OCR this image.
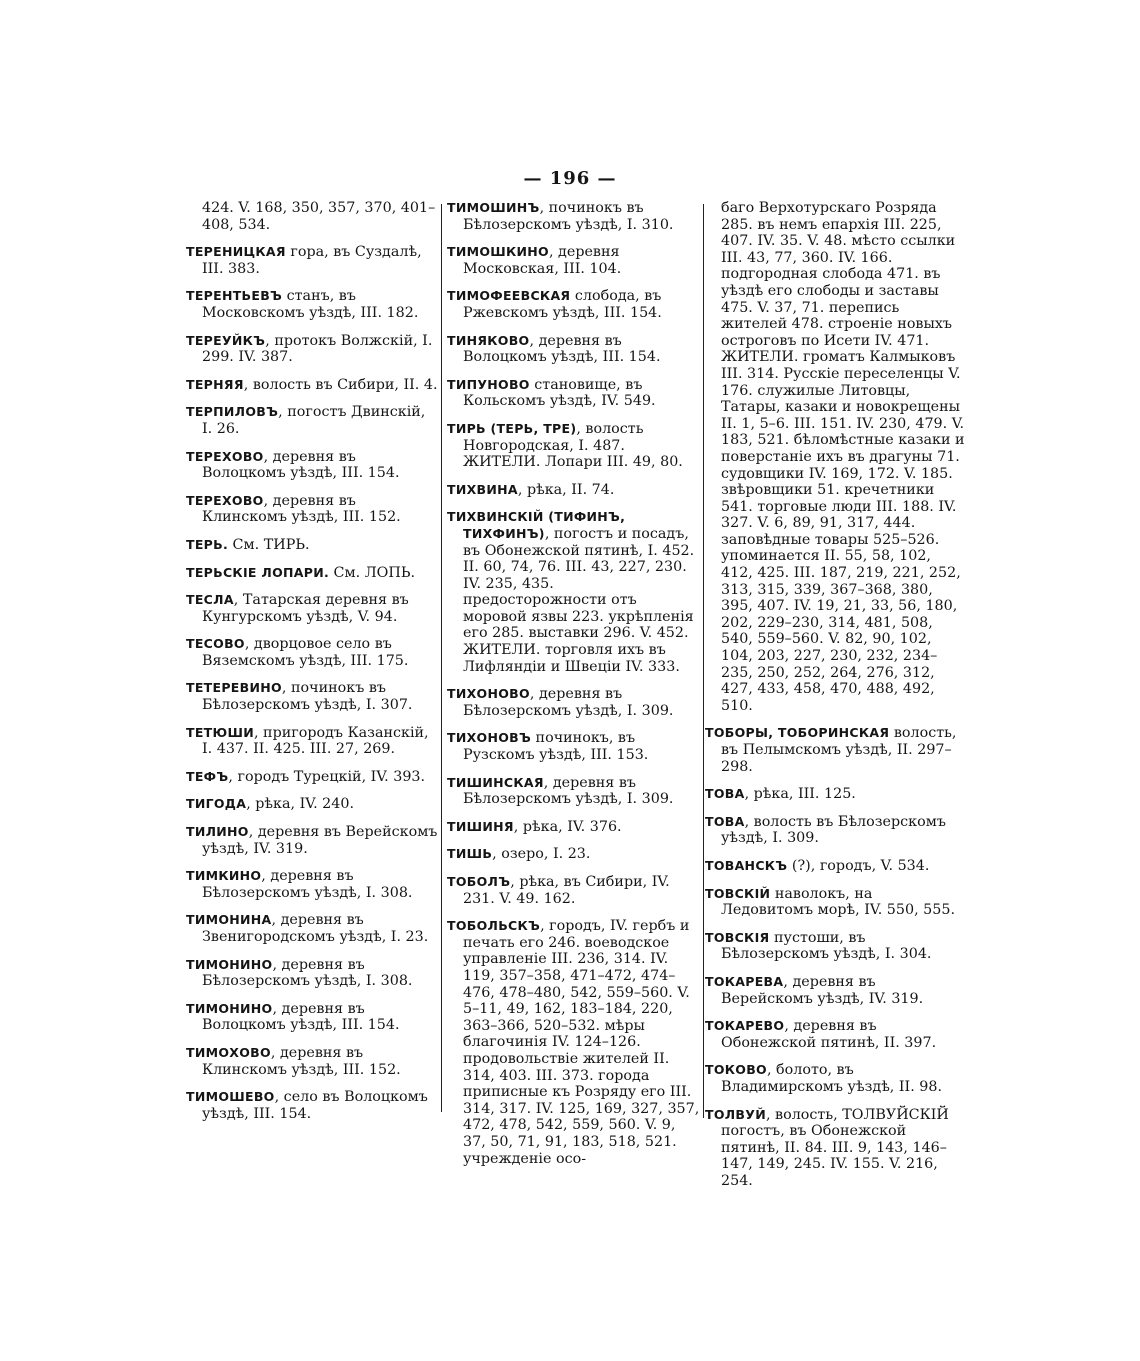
— 196 —

424. V. 168, 350, 357, 370, 401–408, 534.

ТЕРЕНИЦКАЯ гора, въ Суздалѣ, III. 383.

ТЕРЕНТЬЕВЪ станъ, въ Московскомъ уѣздѣ, III. 182.

ТЕРЕУЙКЪ, протокъ Волжскій, I. 299. IV. 387.

ТЕРНЯЯ, волость въ Сибири, II. 4.

ТЕРПИЛОВЪ, погостъ Двинскій, I. 26.

ТЕРЕХОВО, деревня въ Волоцкомъ уѣздѣ, III. 154.

ТЕРЕХОВО, деревня въ Клинскомъ уѣздѣ, III. 152.

ТЕРЬ. См. ТИРЬ.

ТЕРЬСКІЕ ЛОПАРИ. См. ЛОПЬ.

ТЕСЛА, Татарская деревня въ Кунгурскомъ уѣздѣ, V. 94.

ТЕСОВО, дворцовое село въ Вяземскомъ уѣздѣ, III. 175.

ТЕТЕРЕВИНО, починокъ въ Бѣлозерскомъ уѣздѣ, I. 307.

ТЕТЮШИ, пригородъ Казанскій, I. 437. II. 425. III. 27, 269.

ТЕФЪ, городъ Турецкій, IV. 393.

ТИГОДА, рѣка, IV. 240.

ТИЛИНО, деревня въ Верейскомъ уѣздѣ, IV. 319.

ТИМКИНО, деревня въ Бѣлозерскомъ уѣздѣ, I. 308.

ТИМОНИНА, деревня въ Звенигородскомъ уѣздѣ, I. 23.

ТИМОНИНО, деревня въ Бѣлозерскомъ уѣздѣ, I. 308.

ТИМОНИНО, деревня въ Волоцкомъ уѣздѣ, III. 154.

ТИМОХОВО, деревня въ Клинскомъ уѣздѣ, III. 152.

ТИМОШЕВО, село въ Волоцкомъ уѣздѣ, III. 154.

ТИМОШИНЪ, починокъ въ Бѣлозерскомъ уѣздѣ, I. 310.

ТИМОШКИНО, деревня Московская, III. 104.

ТИМОФЕЕВСКАЯ слобода, въ Ржевскомъ уѣздѣ, III. 154.

ТИНЯКОВО, деревня въ Волоцкомъ уѣздѣ, III. 154.

ТИПУНОВО становище, въ Кольскомъ уѣздѣ, IV. 549.

ТИРЬ (ТЕРЬ, ТРЕ), волость Новгородская, I. 487. ЖИТЕЛИ. Лопари III. 49, 80.

ТИХВИНА, рѣка, II. 74.

ТИХВИНСКІЙ (ТИФИНЪ, ТИХФИНЪ), погостъ и посадъ, въ Обонежской пятинѣ, I. 452. II. 60, 74, 76. III. 43, 227, 230. IV. 235, 435. предосторожности отъ моровой язвы 223. укрѣпленія его 285. выставки 296. V. 452. ЖИТЕЛИ. торговля ихъ въ Лифляндіи и Швеціи IV. 333.

ТИХОНОВО, деревня въ Бѣлозерскомъ уѣздѣ, I. 309.

ТИХОНОВЪ починокъ, въ Рузскомъ уѣздѣ, III. 153.

ТИШИНСКАЯ, деревня въ Бѣлозерскомъ уѣздѣ, I. 309.

ТИШИНЯ, рѣка, IV. 376.

ТИШЬ, озеро, I. 23.

ТОБОЛЪ, рѣка, въ Сибири, IV. 231. V. 49. 162.

ТОБОЛЬСКЪ, городъ, IV. гербъ и печать его 246. воеводское управленіе III. 236, 314. IV. 119, 357–358, 471–472, 474–476, 478–480, 542, 559–560. V. 5–11, 49, 162, 183–184, 220, 363–366, 520–532. мѣры благочинія IV. 124–126. продовольствіе жителей II. 314, 403. III. 373. города приписные къ Розряду его III. 314, 317. IV. 125, 169, 327, 357, 472, 478, 542, 559, 560. V. 9, 37, 50, 71, 91, 183, 518, 521. учрежденіе осо-

баго Верхотурскаго Розряда 285. въ немъ епархія III. 225, 407. IV. 35. V. 48. мѣсто ссылки III. 43, 77, 360. IV. 166. подгородная слобода 471. въ уѣздѣ его слободы и заставы 475. V. 37, 71. перепись жителей 478. строеніе новыхъ остроговъ по Исети IV. 471. ЖИТЕЛИ. громатъ Калмыковъ III. 314. Русскіе переселенцы V. 176. служилые Литовцы, Татары, казаки и новокрещены II. 1, 5–6. III. 151. IV. 230, 479. V. 183, 521. бѣломѣстные казаки и поверстаніе ихъ въ драгуны 71. судовщики IV. 169, 172. V. 185. звѣровщики 51. кречетники 541. торговые люди III. 188. IV. 327. V. 6, 89, 91, 317, 444. заповѣдные товары 525–526. упоминается II. 55, 58, 102, 412, 425. III. 187, 219, 221, 252, 313, 315, 339, 367–368, 380, 395, 407. IV. 19, 21, 33, 56, 180, 202, 229–230, 314, 481, 508, 540, 559–560. V. 82, 90, 102, 104, 203, 227, 230, 232, 234–235, 250, 252, 264, 276, 312, 427, 433, 458, 470, 488, 492, 510.

ТОБОРЫ, ТОБОРИНСКАЯ волость, въ Пелымскомъ уѣздѣ, II. 297–298.

ТОВА, рѣка, III. 125.

ТОВА, волость въ Бѣлозерскомъ уѣздѣ, I. 309.

ТОВАНСКЪ (?), городъ, V. 534.

ТОВСКІЙ наволокъ, на Ледовитомъ морѣ, IV. 550, 555.

ТОВСКІЯ пустоши, въ Бѣлозерскомъ уѣздѣ, I. 304.

ТОКАРЕВА, деревня въ Верейскомъ уѣздѣ, IV. 319.

ТОКАРЕВО, деревня въ Обонежской пятинѣ, II. 397.

ТОКОВО, болото, въ Владимирскомъ уѣздѣ, II. 98.

ТОЛВУЙ, волость, ТОЛВУЙСКІЙ погостъ, въ Обонежской пятинѣ, II. 84. III. 9, 143, 146–147, 149, 245. IV. 155. V. 216, 254.
